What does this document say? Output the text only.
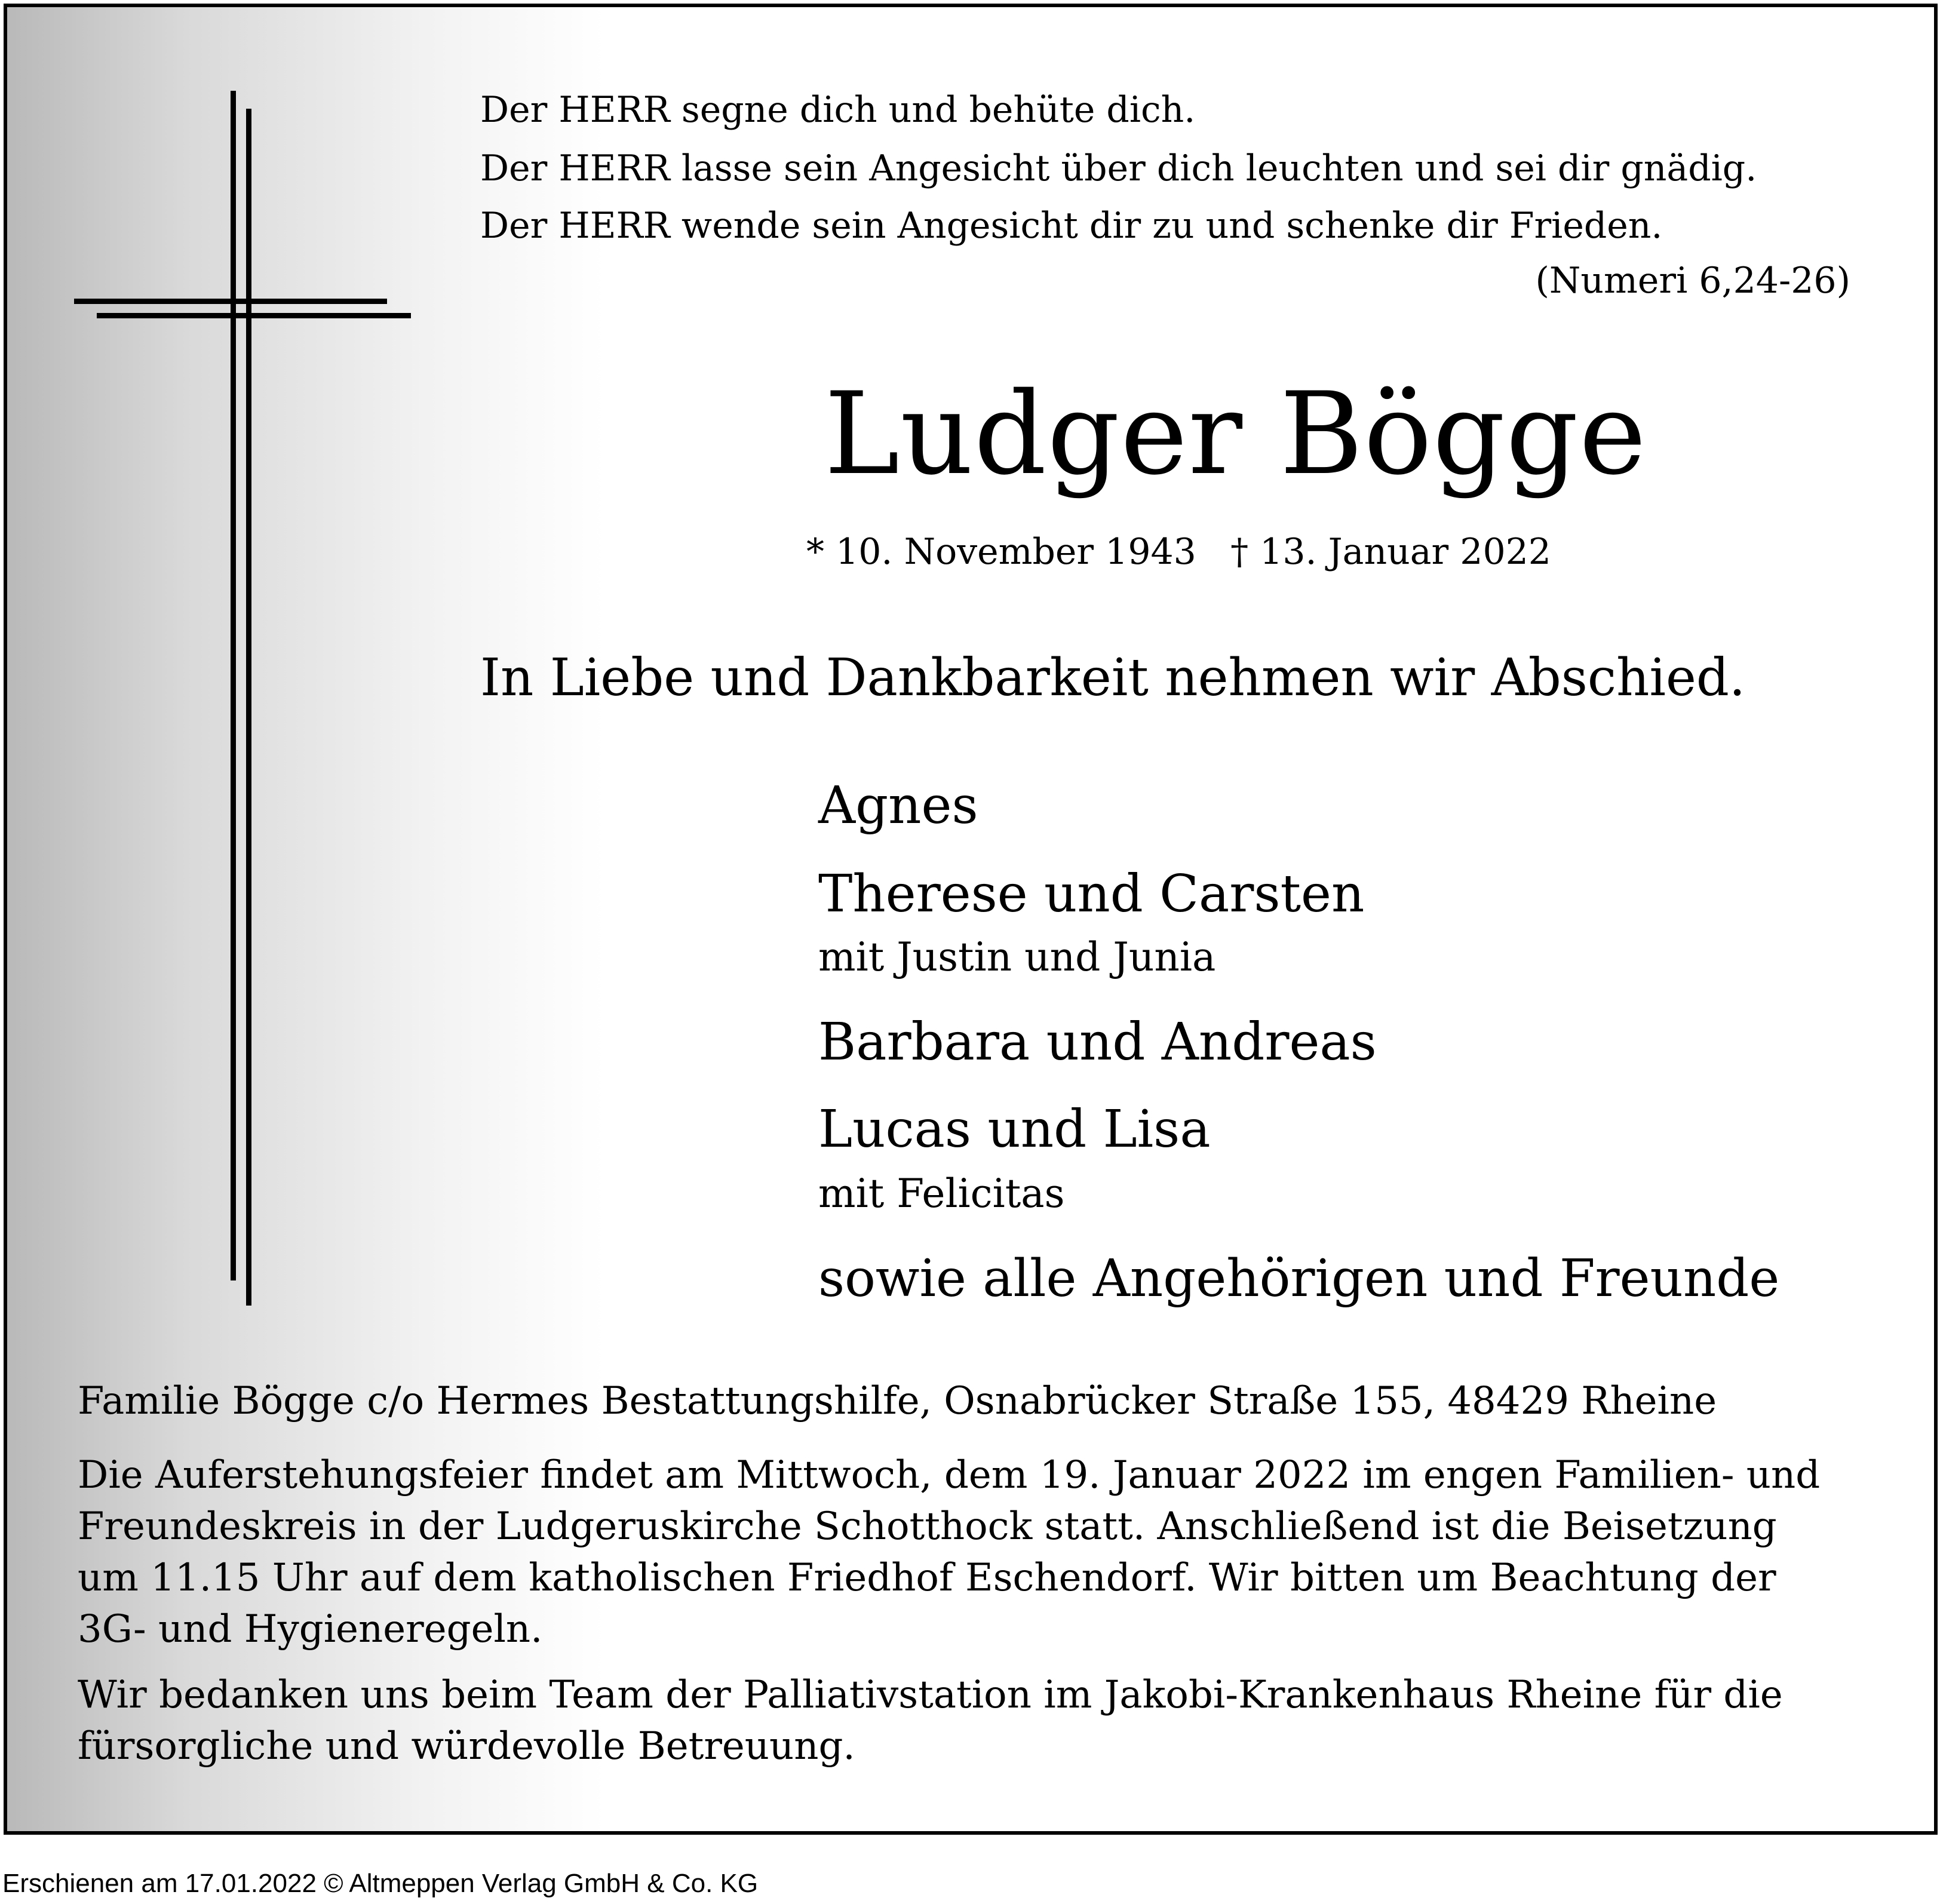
Der HERR segne dich und behüte dich.
Der HERR lasse sein Angesicht über dich leuchten und sei dir gnädig.
Der HERR wende sein Angesicht dir zu und schenke dir Frieden.
(Numeri 6,24-26)
Ludger Bögge
* 10. November 1943   † 13. Januar 2022
In Liebe und Dankbarkeit nehmen wir Abschied.
Agnes
Therese und Carsten
mit Justin und Junia
Barbara und Andreas
Lucas und Lisa
mit Felicitas
sowie alle Angehörigen und Freunde
Familie Bögge c/o Hermes Bestattungshilfe, Osnabrücker Straße 155, 48429 Rheine
Die Auferstehungsfeier findet am Mittwoch, dem 19. Januar 2022 im engen Familien- und
Freundeskreis in der Ludgeruskirche Schotthock statt. Anschließend ist die Beisetzung
um 11.15 Uhr auf dem katholischen Friedhof Eschendorf. Wir bitten um Beachtung der
3G- und Hygieneregeln.
Wir bedanken uns beim Team der Palliativstation im Jakobi-Krankenhaus Rheine für die
fürsorgliche und würdevolle Betreuung.
Erschienen am 17.01.2022 © Altmeppen Verlag GmbH & Co. KG
